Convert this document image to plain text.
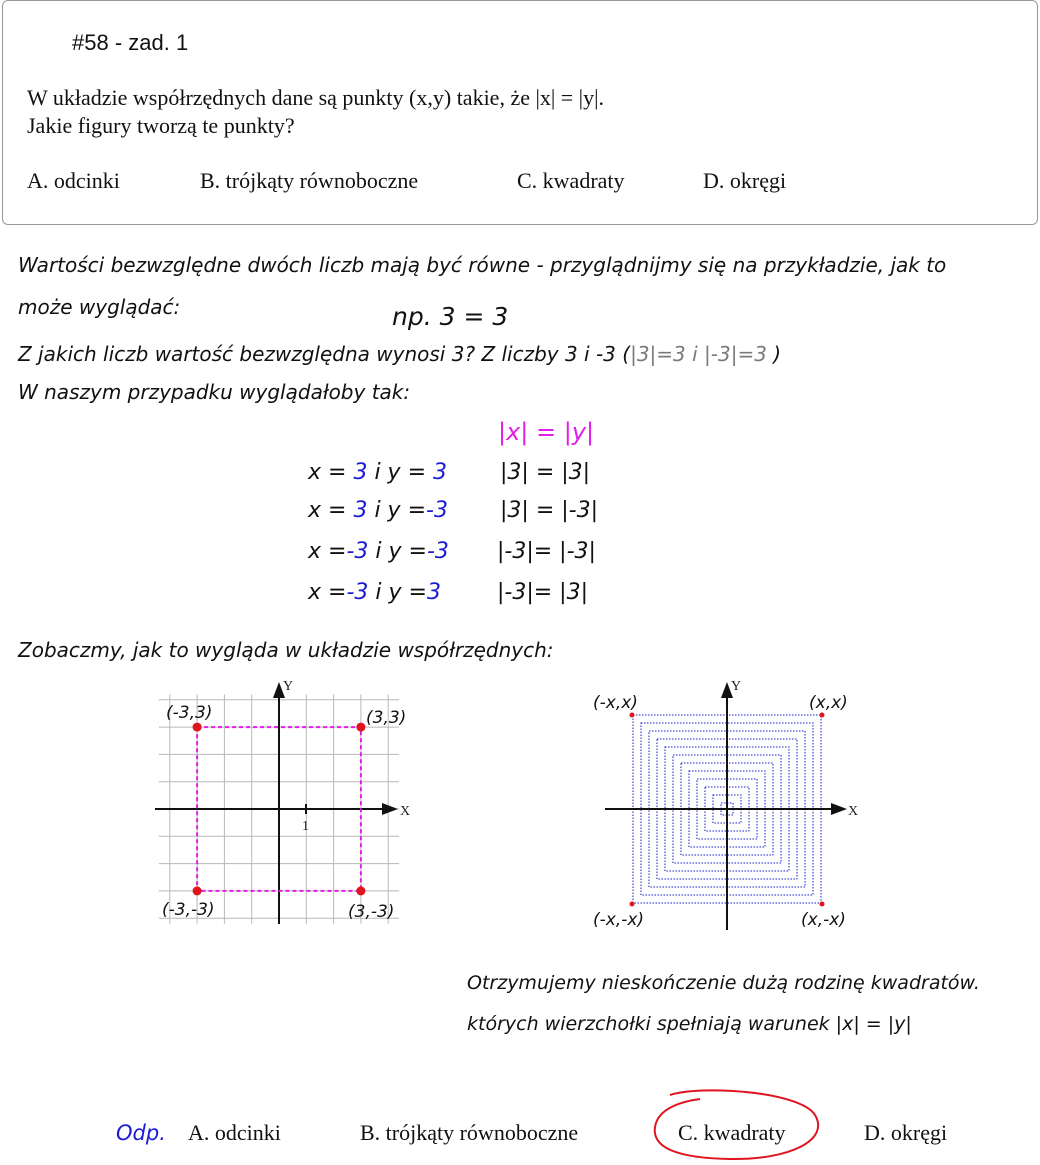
#58 - zad. 1
W układzie współrzędnych dane są punkty (x,y) takie, że |x| = |y|.
Jakie figury tworzą te punkty?
A. odcinki	B. trójkąty równoboczne	C. kwadraty	D. okręgi
Wartości bezwzględne dwóch liczb mają być równe - przyglądnijmy się na przykładzie, jak to
może wyglądać:	np. 3 = 3
Z jakich liczb wartość bezwzględna wynosi 3? Z liczby 3 i -3 (|3|=3 i |-3|=3 )
W naszym przypadku wyglądałoby tak:
|x| = |y|
x = 3 i y = 3 |3| = |3|
x = 3 i y =-3 |3| = |-3|
x =-3 i y =-3 |-3|= |-3|
x =-3 i y =3	|-3|= |3|
Zobaczmy, jak to wygląda w układzie współrzędnych:
X
Y
1
(-3,3)	(3,3)
(-3,-3)	(3,-3)
X
Y
(-x,x)	(x,x)
(-x,-x)	(x,-x)
Otrzymujemy nieskończenie dużą rodzinę kwadratów.
których wierzchołki spełniają warunek |x| = |y|
Odp. A. odcinki	B. trójkąty równoboczne	C. kwadraty	D. okręgi
